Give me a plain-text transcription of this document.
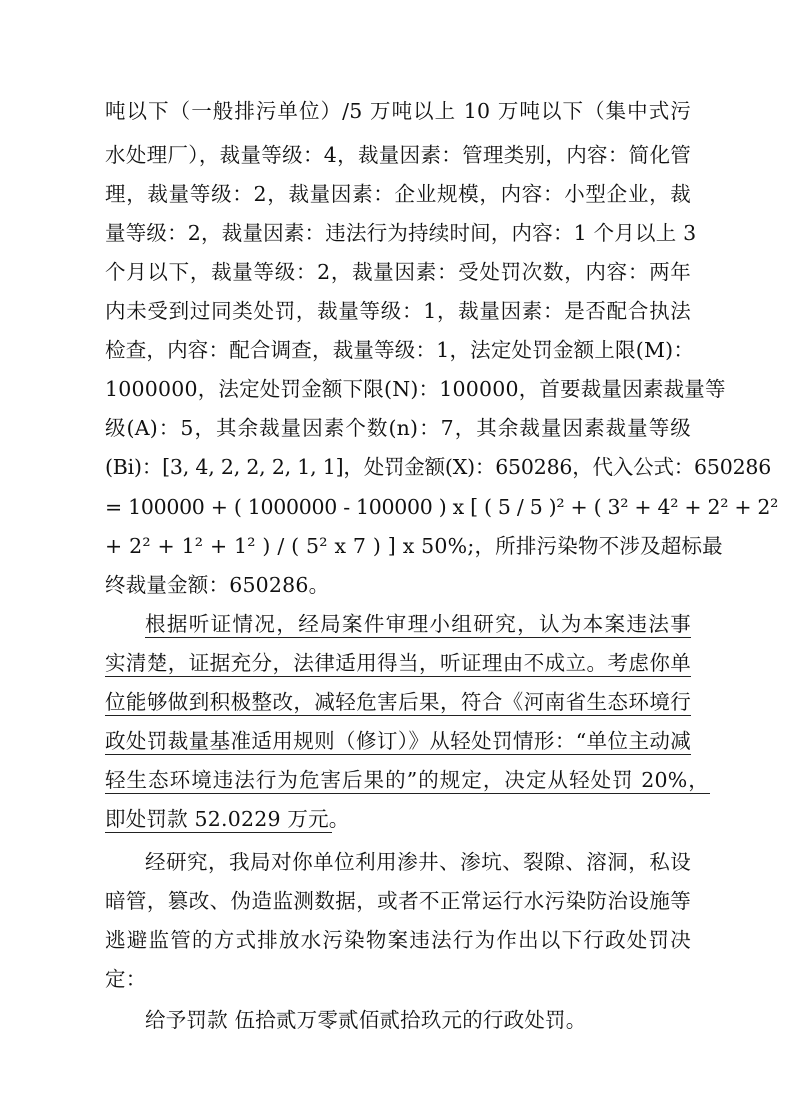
吨以下（一般排污单位）/5 万吨以上 10 万吨以下（集中式污
水处理厂），裁量等级：4，裁量因素：管理类别，内容：简化管
理，裁量等级：2，裁量因素：企业规模，内容：小型企业，裁
量等级：2，裁量因素：违法行为持续时间，内容：1 个月以上 3
个月以下，裁量等级：2，裁量因素：受处罚次数，内容：两年
内未受到过同类处罚，裁量等级：1，裁量因素：是否配合执法
检查，内容：配合调查，裁量等级：1，法定处罚金额上限(M)：
1000000，法定处罚金额下限(N)：100000，首要裁量因素裁量等
级(A)：5，其余裁量因素个数(n)：7，其余裁量因素裁量等级
(Bi)：[3, 4, 2, 2, 2, 1, 1]，处罚金额(X)：650286，代入公式：650286
= 100000 + ( 1000000 - 100000 ) x [ ( 5 / 5 )² + ( 3² + 4² + 2² + 2²
+ 2² + 1² + 1² ) / ( 5² x 7 ) ] x 50%;，所排污染物不涉及超标最
终裁量金额：650286。
根据听证情况，经局案件审理小组研究，认为本案违法事
实清楚，证据充分，法律适用得当，听证理由不成立。考虑你单
位能够做到积极整改，减轻危害后果，符合《河南省生态环境行
政处罚裁量基准适用规则（修订）》从轻处罚情形：“单位主动减
轻生态环境违法行为危害后果的”的规定，决定从轻处罚 20%，
即处罚款 52.0229 万元。
经研究，我局对你单位利用渗井、渗坑、裂隙、溶洞，私设
暗管，篡改、伪造监测数据，或者不正常运行水污染防治设施等
逃避监管的方式排放水污染物案违法行为作出以下行政处罚决
定：
给予罚款 伍拾贰万零贰佰贰拾玖元的行政处罚。
